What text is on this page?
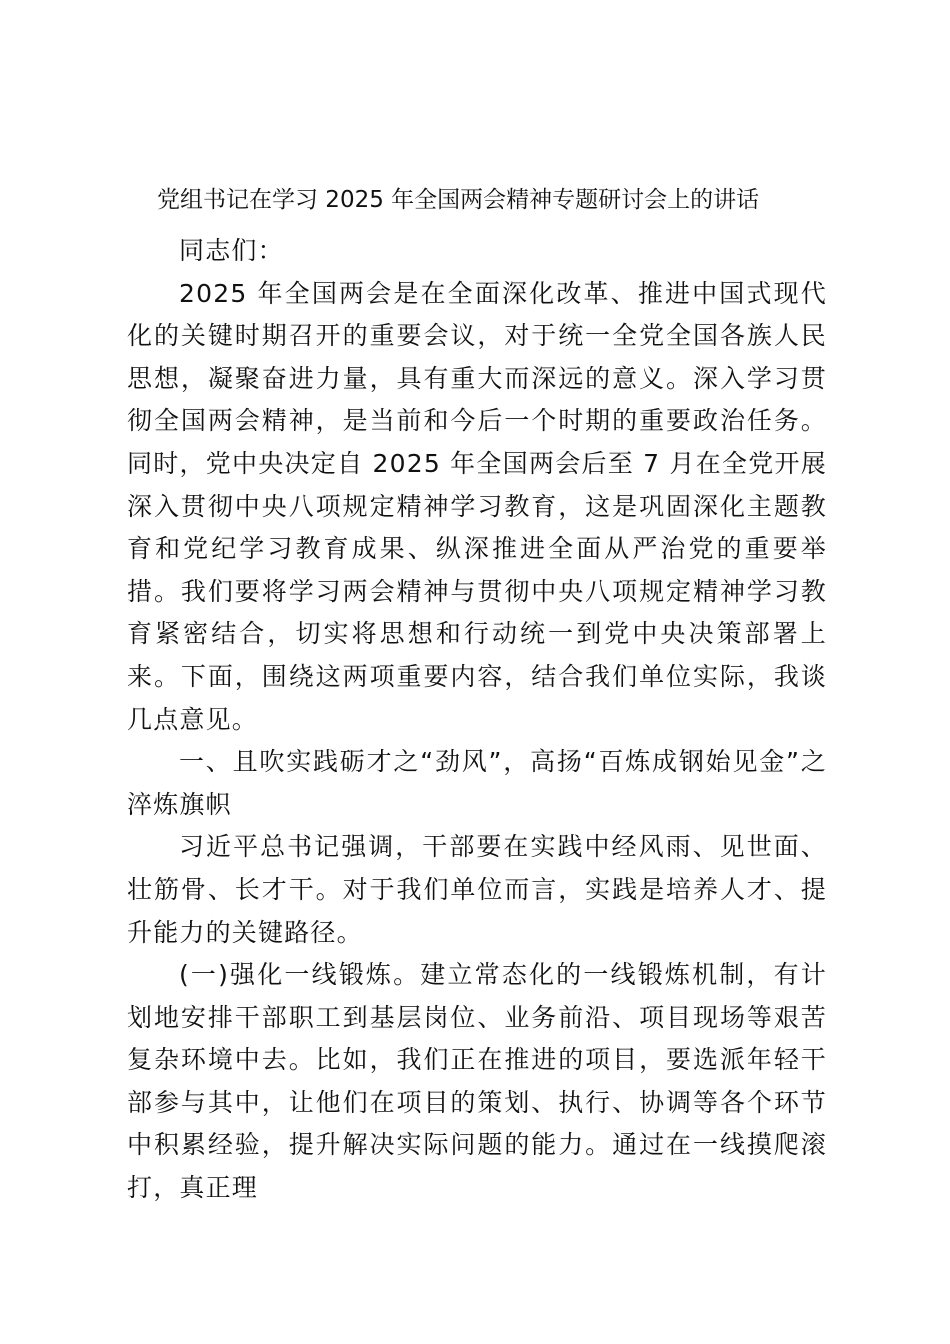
党组书记在学习 2025 年全国两会精神专题研讨会上的讲话

同志们：

2025 年全国两会是在全面深化改革、推进中国式现代化的关键时期召开的重要会议，对于统一全党全国各族人民思想，凝聚奋进力量，具有重大而深远的意义。深入学习贯彻全国两会精神，是当前和今后一个时期的重要政治任务。同时，党中央决定自 2025 年全国两会后至 7 月在全党开展深入贯彻中央八项规定精神学习教育，这是巩固深化主题教育和党纪学习教育成果、纵深推进全面从严治党的重要举措。我们要将学习两会精神与贯彻中央八项规定精神学习教育紧密结合，切实将思想和行动统一到党中央决策部署上来。下面，围绕这两项重要内容，结合我们单位实际，我谈几点意见。

一、且吹实践砺才之“劲风”，高扬“百炼成钢始见金”之淬炼旗帜

习近平总书记强调，干部要在实践中经风雨、见世面、壮筋骨、长才干。对于我们单位而言，实践是培养人才、提升能力的关键路径。

(一)强化一线锻炼。建立常态化的一线锻炼机制，有计划地安排干部职工到基层岗位、业务前沿、项目现场等艰苦复杂环境中去。比如，我们正在推进的项目，要选派年轻干部参与其中，让他们在项目的策划、执行、协调等各个环节中积累经验，提升解决实际问题的能力。通过在一线摸爬滚打，真正理
